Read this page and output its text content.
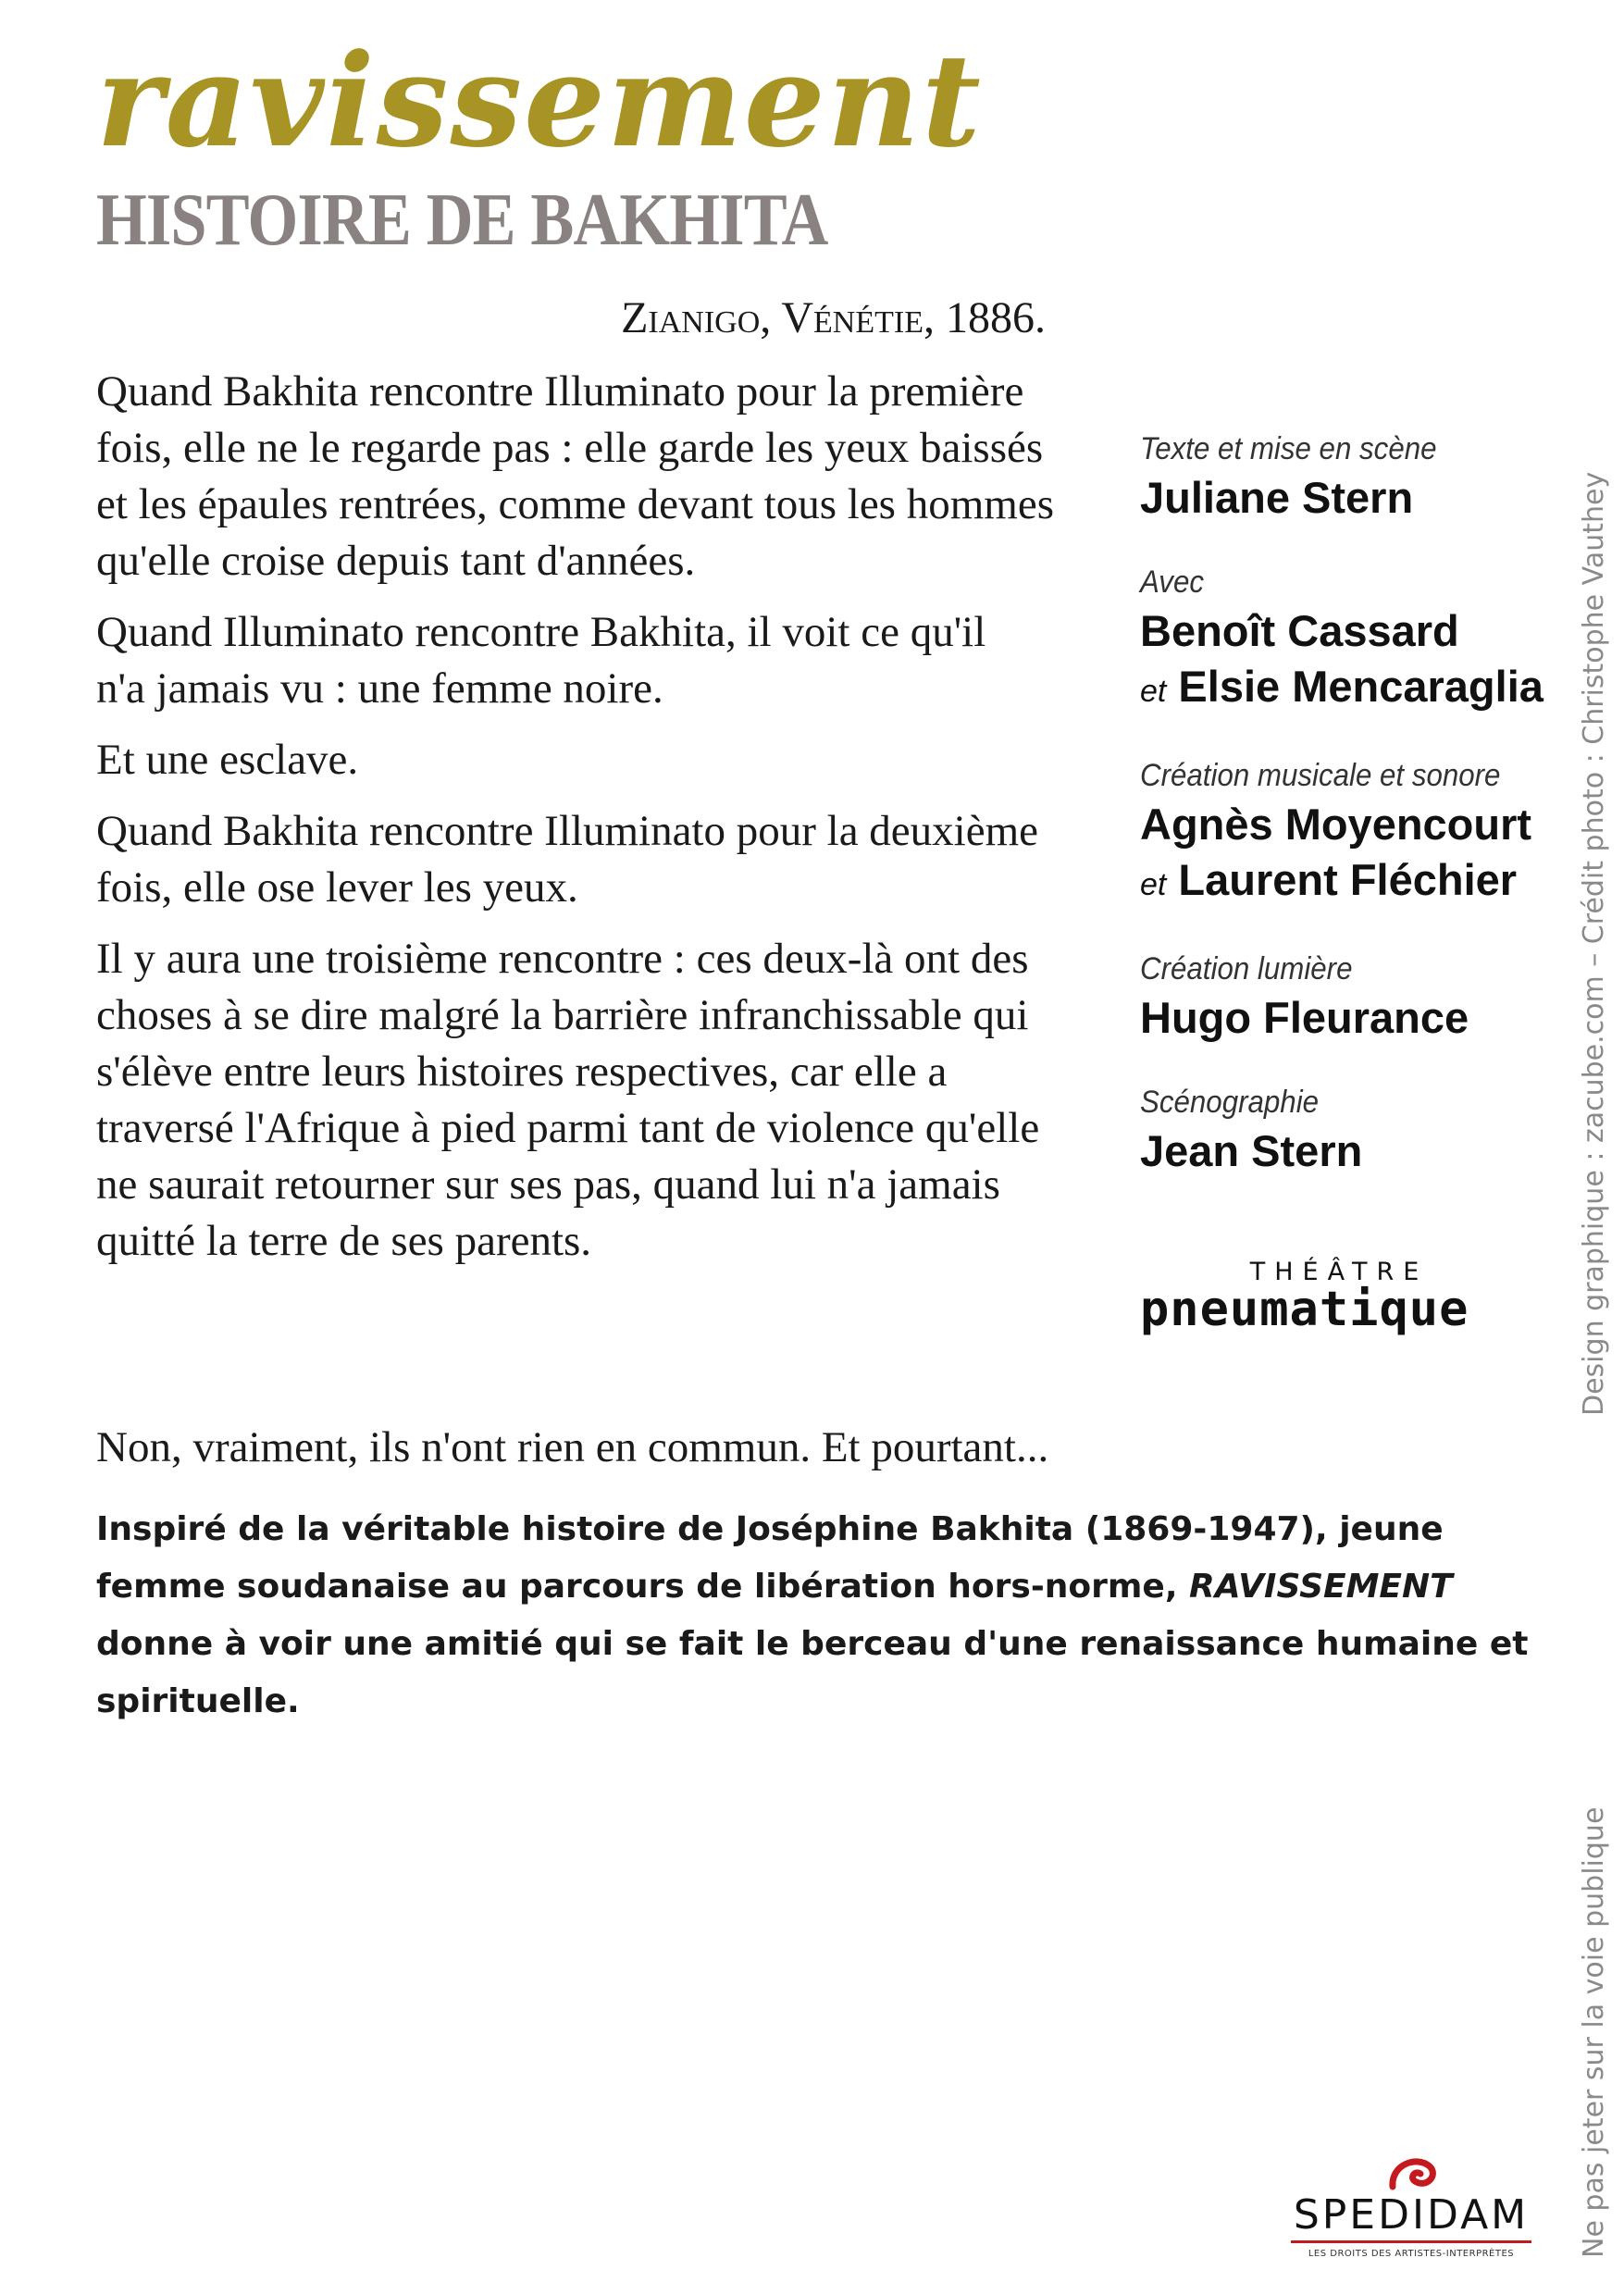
ravissement
HISTOIRE DE BAKHITA
Zianigo, Vénétie, 1886.

Quand Bakhita rencontre Illuminato pour la première fois, elle ne le regarde pas : elle garde les yeux baissés et les épaules rentrées, comme devant tous les hommes qu'elle croise depuis tant d'années.

Quand Illuminato rencontre Bakhita, il voit ce qu'il n'a jamais vu : une femme noire.

Et une esclave.

Quand Bakhita rencontre Illuminato pour la deuxième fois, elle ose lever les yeux.

Il y aura une troisième rencontre : ces deux-là ont des choses à se dire malgré la barrière infranchissable qui s'élève entre leurs histoires respectives, car elle a traversé l'Afrique à pied parmi tant de violence qu'elle ne saurait retourner sur ses pas, quand lui n'a jamais quitté la terre de ses parents.

Texte et mise en scène
Juliane Stern
Avec
Benoît Cassard
et Elsie Mencaraglia
Création musicale et sonore
Agnès Moyencourt
et Laurent Fléchier
Création lumière
Hugo Fleurance
Scénographie
Jean Stern
THÉÂTRE
pneumatique
Non, vraiment, ils n'ont rien en commun. Et pourtant...
Inspiré de la véritable histoire de Joséphine Bakhita (1869-1947), jeune femme soudanaise au parcours de libération hors-norme, RAVISSEMENT donne à voir une amitié qui se fait le berceau d'une renaissance humaine et spirituelle.
Design graphique : zacube.com – Crédit photo : Christophe Vauthey
Ne pas jeter sur la voie publique
SPEDIDAM
LES DROITS DES ARTISTES-INTERPRÈTES
